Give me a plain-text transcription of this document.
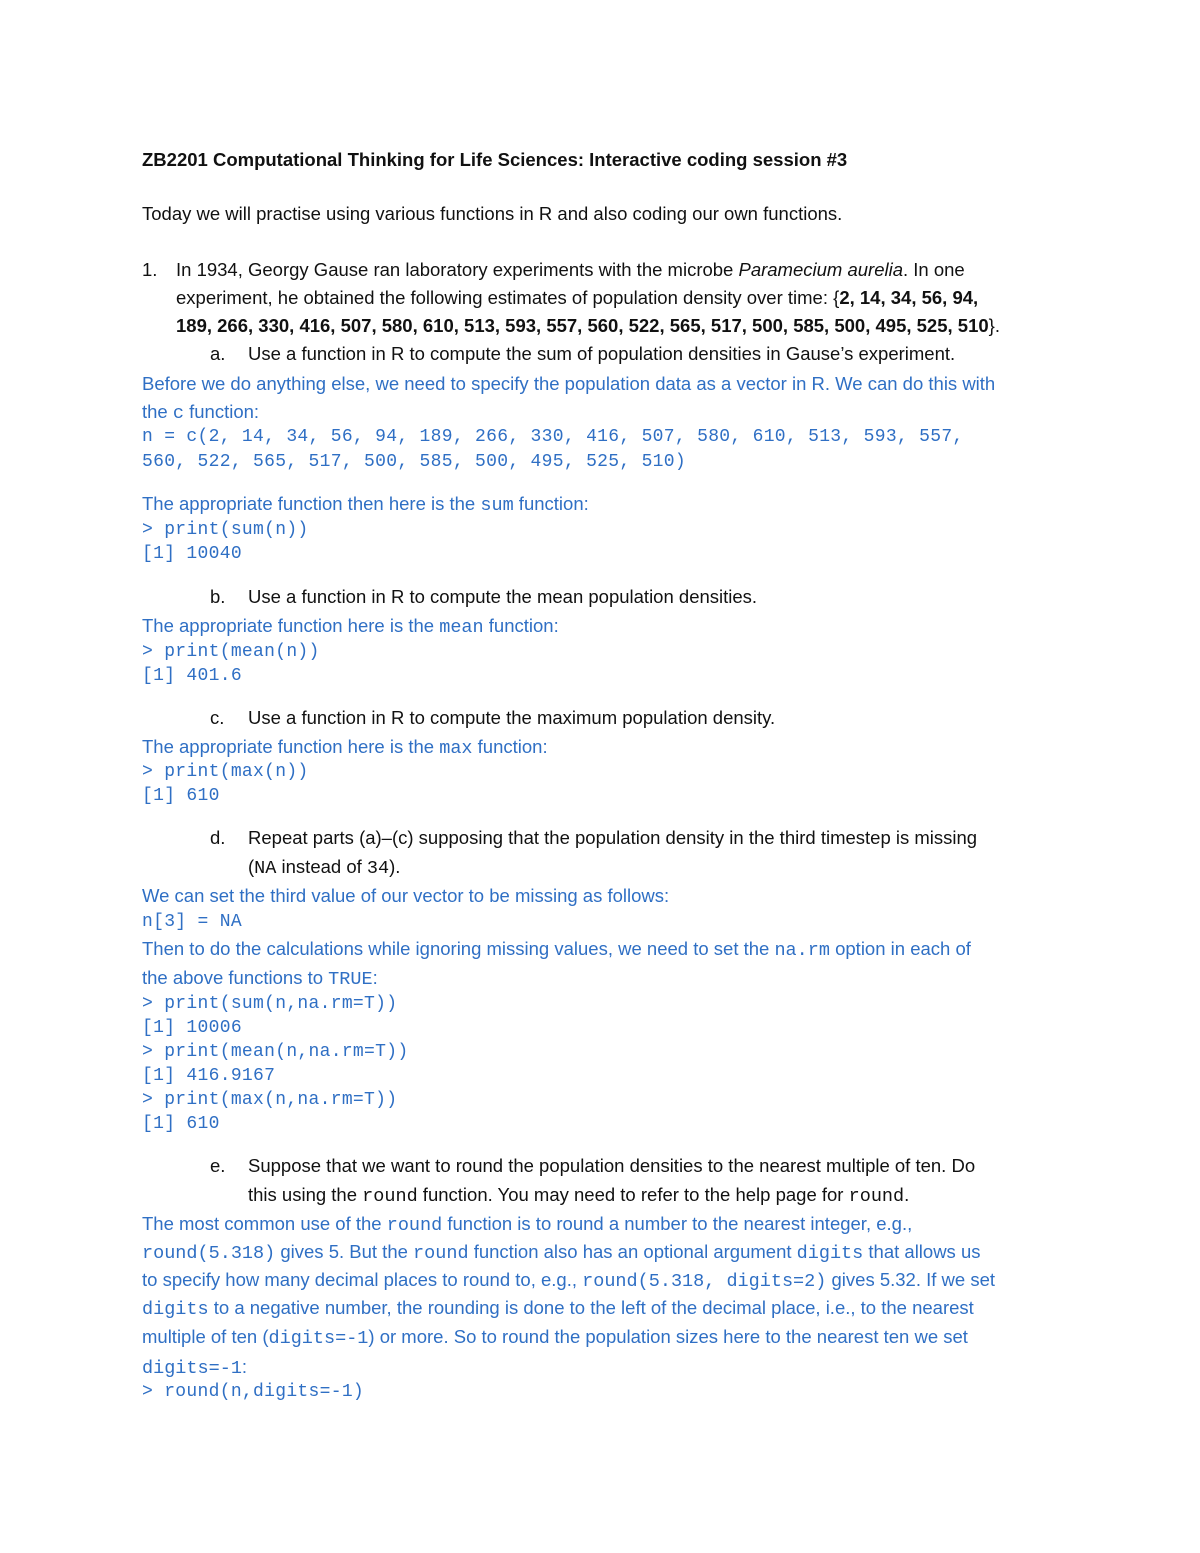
ZB2201 Computational Thinking for Life Sciences: Interactive coding session #3
Today we will practise using various functions in R and also coding our own functions.
1. In 1934, Georgy Gause ran laboratory experiments with the microbe Paramecium aurelia. In one
experiment, he obtained the following estimates of population density over time: {2, 14, 34, 56, 94,
189, 266, 330, 416, 507, 580, 610, 513, 593, 557, 560, 522, 565, 517, 500, 585, 500, 495, 525, 510}.
a. Use a function in R to compute the sum of population densities in Gause’s experiment.
Before we do anything else, we need to specify the population data as a vector in R. We can do this with
the c function:
n = c(2, 14, 34, 56, 94, 189, 266, 330, 416, 507, 580, 610, 513, 593, 557,
560, 522, 565, 517, 500, 585, 500, 495, 525, 510)
The appropriate function then here is the sum function:
> print(sum(n))
[1] 10040
b. Use a function in R to compute the mean population densities.
The appropriate function here is the mean function:
> print(mean(n))
[1] 401.6
c. Use a function in R to compute the maximum population density.
The appropriate function here is the max function:
> print(max(n))
[1] 610
d. Repeat parts (a)–(c) supposing that the population density in the third timestep is missing
(NA instead of 34).
We can set the third value of our vector to be missing as follows:
n[3] = NA
Then to do the calculations while ignoring missing values, we need to set the na.rm option in each of
the above functions to TRUE:
> print(sum(n,na.rm=T))
[1] 10006
> print(mean(n,na.rm=T))
[1] 416.9167
> print(max(n,na.rm=T))
[1] 610
e. Suppose that we want to round the population densities to the nearest multiple of ten. Do
this using the round function. You may need to refer to the help page for round.
The most common use of the round function is to round a number to the nearest integer, e.g.,
round(5.318) gives 5. But the round function also has an optional argument digits that allows us
to specify how many decimal places to round to, e.g., round(5.318, digits=2) gives 5.32. If we set
digits to a negative number, the rounding is done to the left of the decimal place, i.e., to the nearest
multiple of ten (digits=-1) or more. So to round the population sizes here to the nearest ten we set
digits=-1:
> round(n,digits=-1)
